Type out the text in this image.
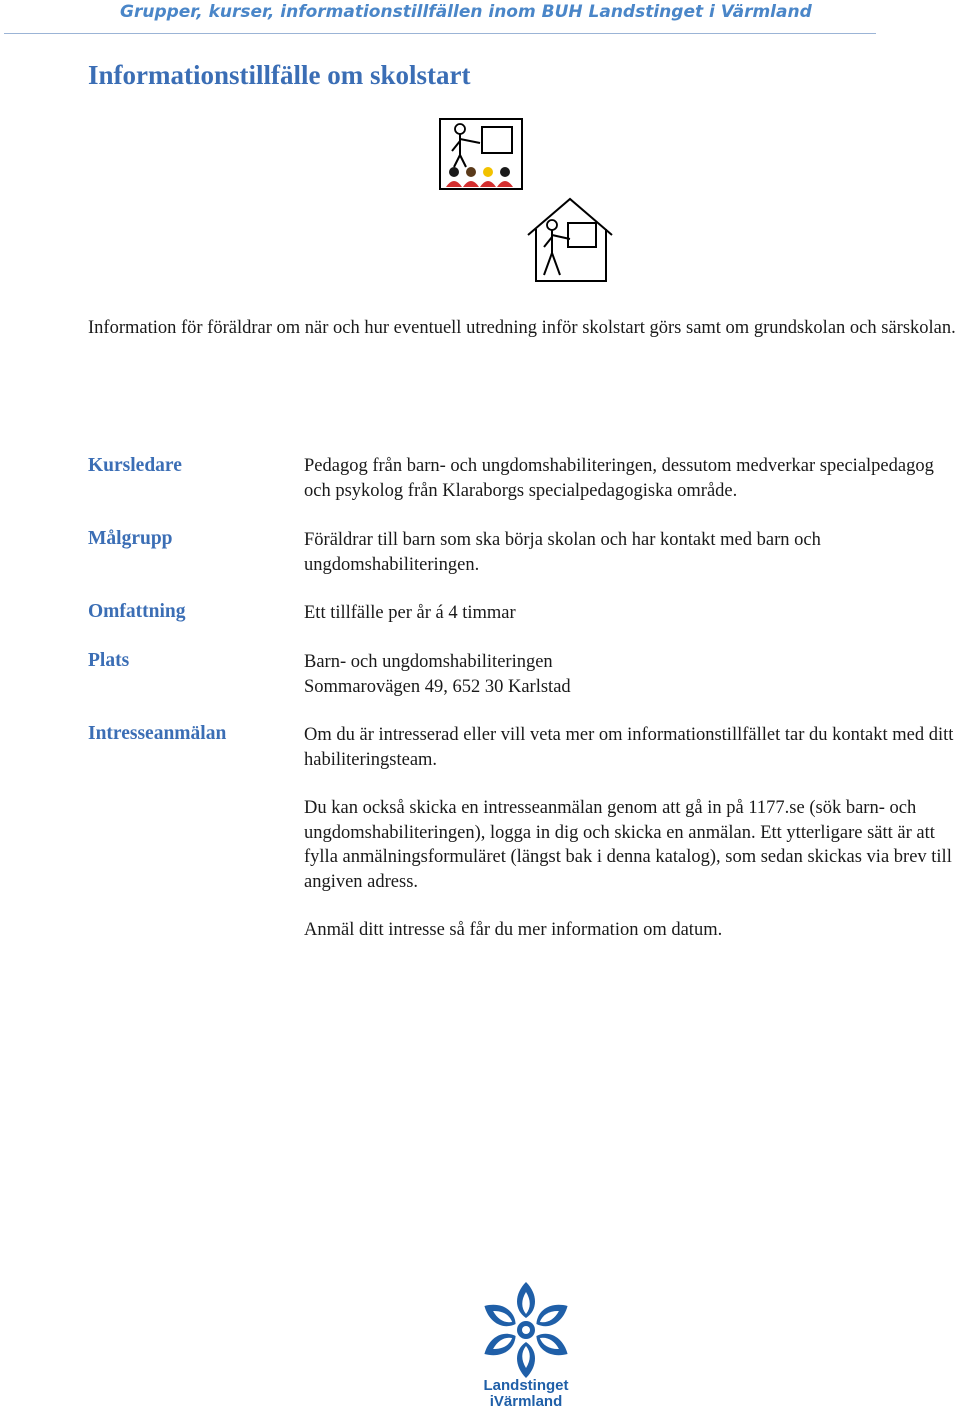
Grupper, kurser, informationstillfällen inom BUH Landstinget i Värmland
Informationstillfälle om skolstart

Information för föräldrar om när och hur eventuell utredning inför skolstart görs samt om grundskolan och särskolan.

Kursledare
Målgrupp
Omfattning
Plats
Intresseanmälan
Pedagog från barn- och ungdomshabiliteringen, dessutom medverkar specialpedagog och psykolog från Klaraborgs specialpedagogiska område.
Föräldrar till barn som ska börja skolan och har kontakt med barn och ungdomshabiliteringen.
Ett tillfälle per år á 4 timmar
Barn- och ungdomshabiliteringen
Sommarovägen 49, 652 30 Karlstad
Om du är intresserad eller vill veta mer om informationstillfället tar du kontakt med ditt habiliteringsteam.
Du kan också skicka en intresseanmälan genom att gå in på 1177.se (sök barn- och ungdomshabiliteringen), logga in dig och skicka en anmälan. Ett ytterligare sätt är att fylla anmälningsformuläret (längst bak i denna katalog), som sedan skickas via brev till angiven adress.
Anmäl ditt intresse så får du mer information om datum.
Landstinget
iVärmland
